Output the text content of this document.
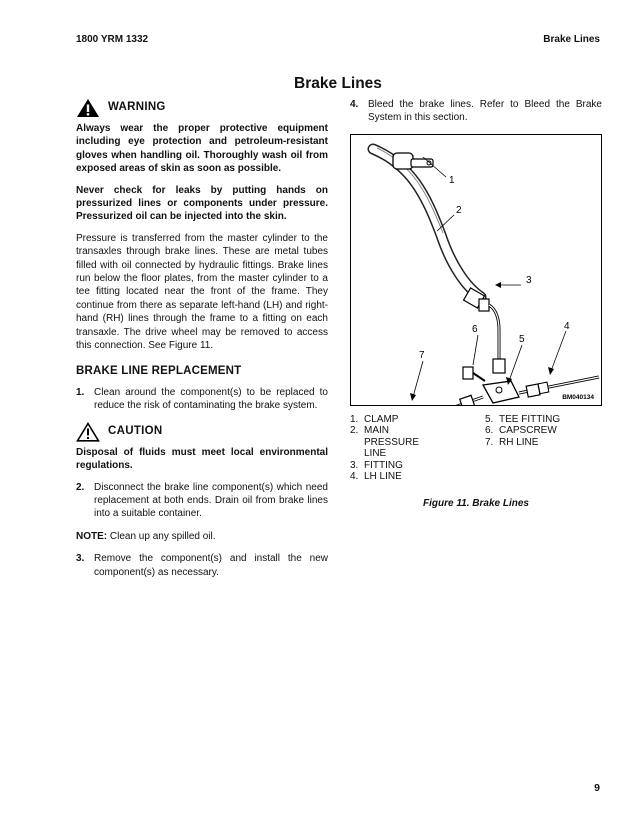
1800 YRM 1332	Brake Lines
Brake Lines
WARNING

Always wear the proper protective equipment including eye protection and petroleum-resistant gloves when handling oil. Thoroughly wash oil from exposed areas of skin as soon as possible.

Never check for leaks by putting hands on pressurized lines or components under pressure. Pressurized oil can be injected into the skin.

Pressure is transferred from the master cylinder to the transaxles through brake lines. These are metal tubes filled with oil connected by hydraulic fittings. Brake lines run below the floor plates, from the master cylinder to a tee fitting located near the front of the frame. They continue from there as separate left-hand (LH) and right-hand (RH) lines through the frame to a fitting on each transaxle. The drive wheel may be removed to access this connection. See Figure 11.

BRAKE LINE REPLACEMENT
1. Clean around the component(s) to be replaced to reduce the risk of contaminating the brake system.
CAUTION

Disposal of fluids must meet local environmental regulations.

2. Disconnect the brake line component(s) which need replacement at both ends. Drain oil from brake lines into a suitable container.
NOTE: Clean up any spilled oil.
3. Remove the component(s) and install the new component(s) as necessary.
4. Bleed the brake lines. Refer to Bleed the Brake System in this section.
1
2
3
4
5
6
7
BM040134
1. CLAMP
2. MAIN PRESSURE LINE
3. FITTING
4. LH LINE
5. TEE FITTING
6. CAPSCREW
7. RH LINE
Figure 11. Brake Lines
9
